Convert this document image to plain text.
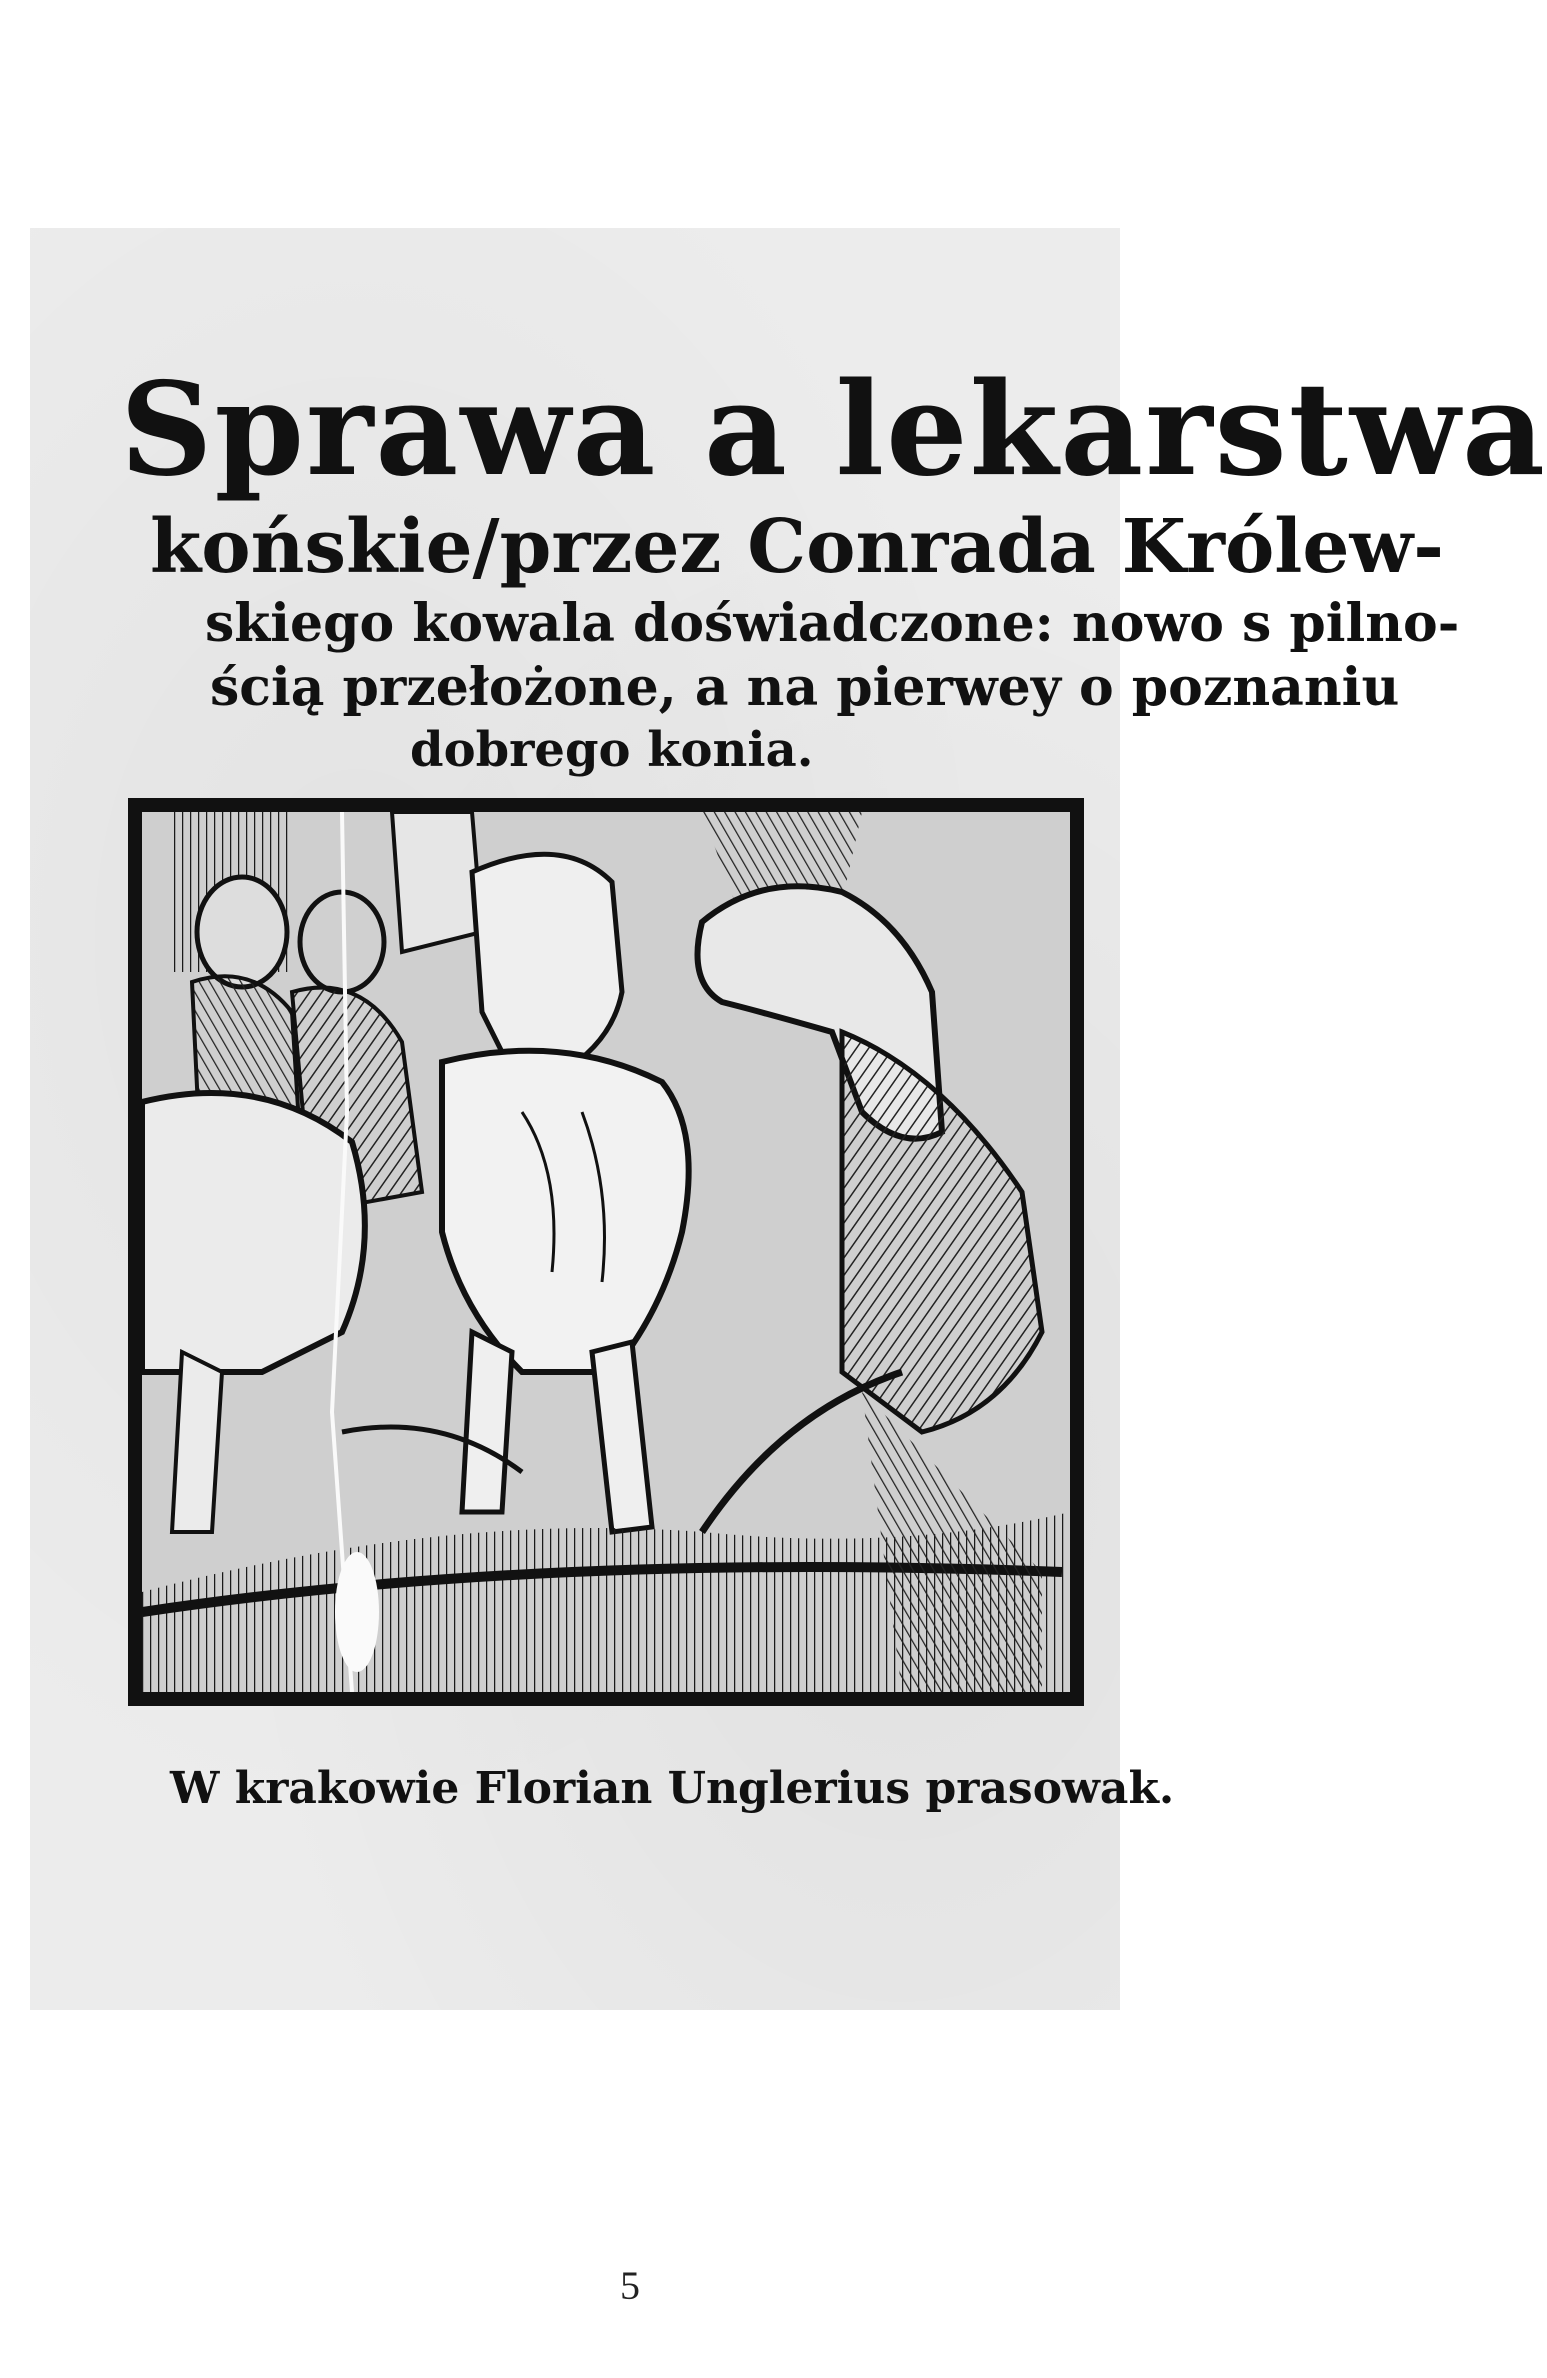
Sprawa a lekarstwa
końskie/przez Conrada Królew-
skiego kowala doświadczone: nowo s pilno-
ścią przełożone, a na pierwey o poznaniu
dobrego konia.
W krakowie Florian Unglerius prasowak.
5
